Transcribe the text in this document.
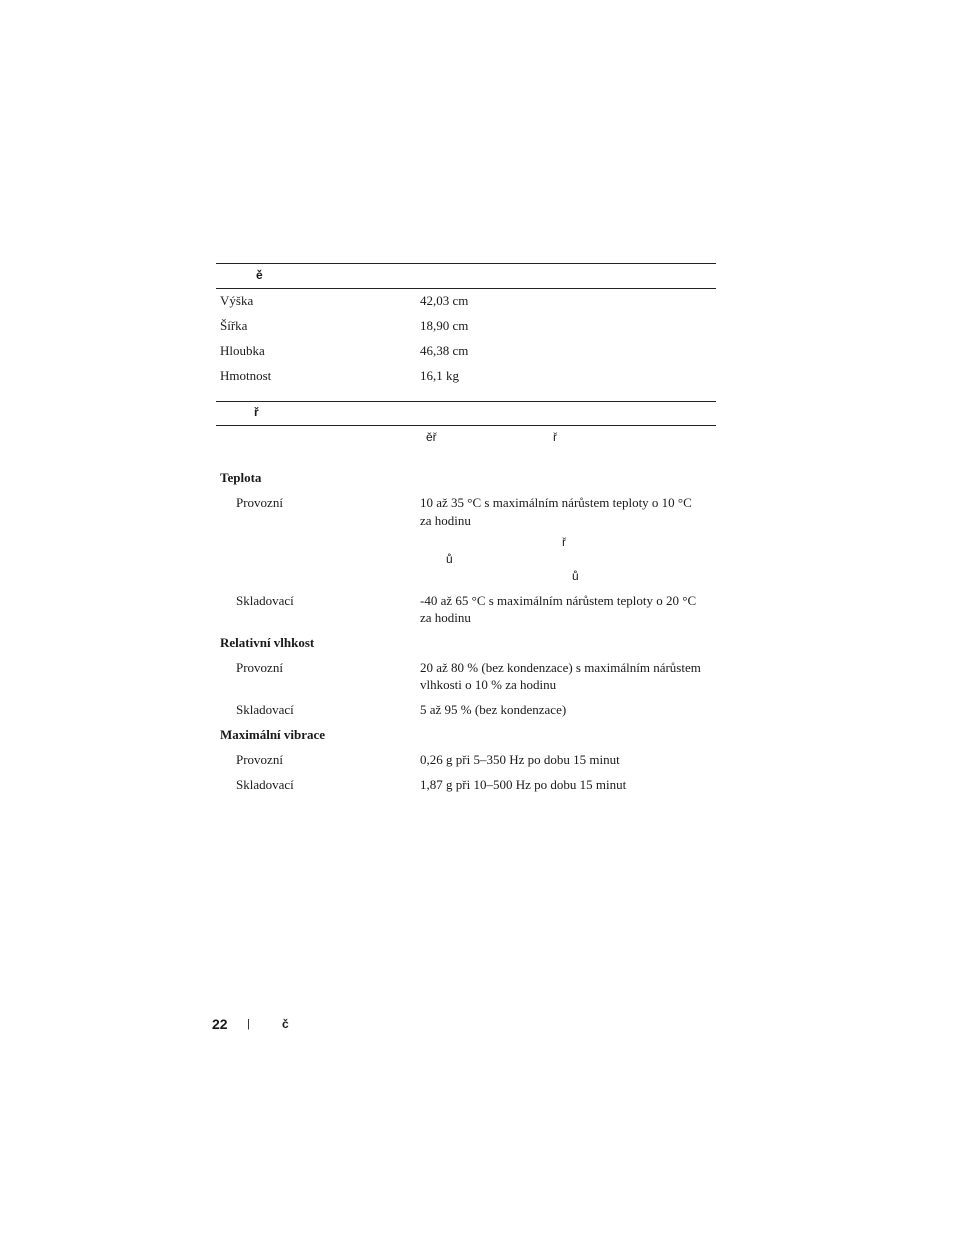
ě
Výška	42,03 cm
Šířka	18,90 cm
Hloubka	46,38 cm
Hmotnost	16,1 kg
ř
ěř	ř
Teplota
Provozní	10 až 35 °C s maximálním nárůstem teploty o 10 °C
za hodinu
ř
ů
ů
Skladovací	-40 až 65 °C s maximálním nárůstem teploty o 20 °C
za hodinu
Relativní vlhkost
Provozní	20 až 80 % (bez kondenzace) s maximálním nárůstem
vlhkosti o 10 % za hodinu
Skladovací	5 až 95 % (bez kondenzace)
Maximální vibrace
Provozní	0,26 g při 5–350 Hz po dobu 15 minut
Skladovací	1,87 g při 10–500 Hz po dobu 15 minut
22 |	č
